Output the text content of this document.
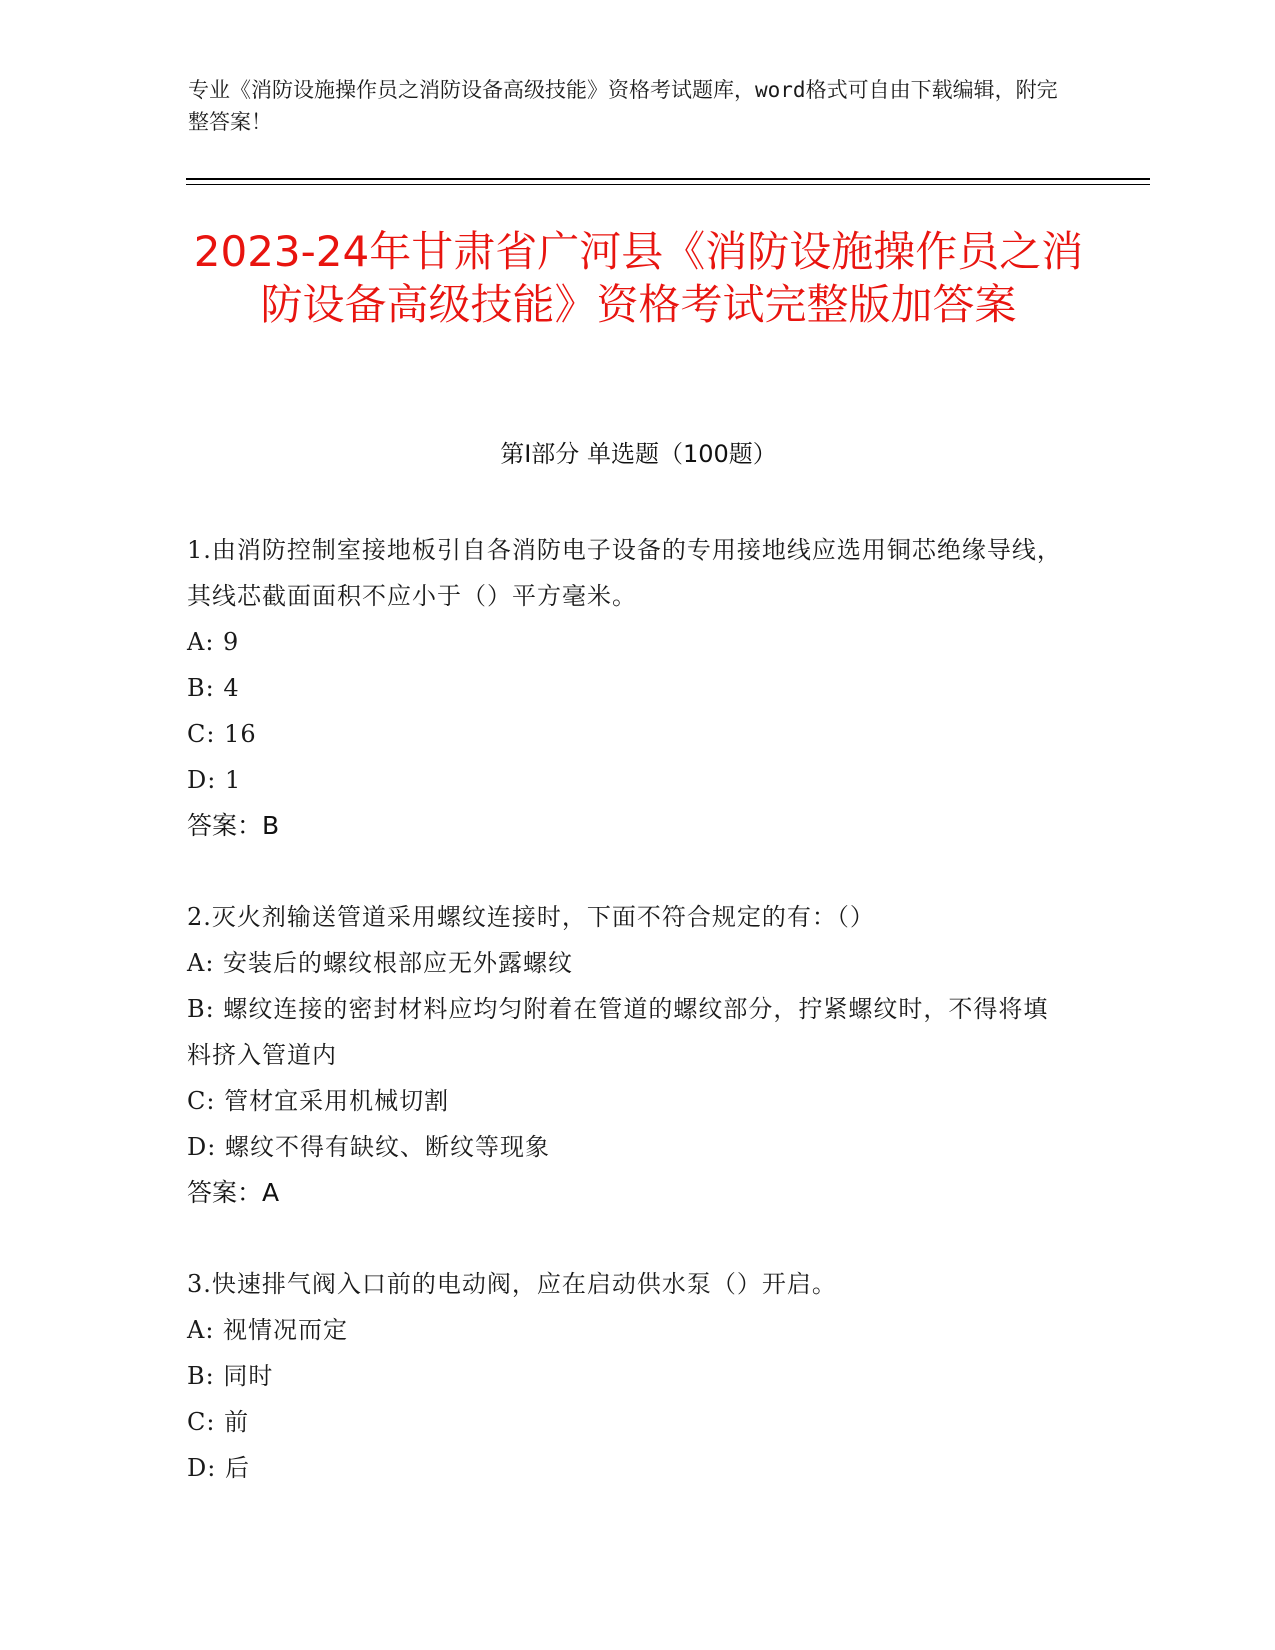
专业《消防设施操作员之消防设备高级技能》资格考试题库，word格式可自由下载编辑，附完整答案！
2023-24年甘肃省广河县《消防设施操作员之消防设备高级技能》资格考试完整版加答案
第I部分 单选题（100题）
1.由消防控制室接地板引自各消防电子设备的专用接地线应选用铜芯绝缘导线，其线芯截面面积不应小于（）平方毫米。
A: 9
B: 4
C: 16
D: 1
答案：B
2.灭火剂输送管道采用螺纹连接时，下面不符合规定的有：（）
A: 安装后的螺纹根部应无外露螺纹
B: 螺纹连接的密封材料应均匀附着在管道的螺纹部分，拧紧螺纹时，不得将填料挤入管道内
C: 管材宜采用机械切割
D: 螺纹不得有缺纹、断纹等现象
答案：A
3.快速排气阀入口前的电动阀，应在启动供水泵（）开启。
A: 视情况而定
B: 同时
C: 前
D: 后
